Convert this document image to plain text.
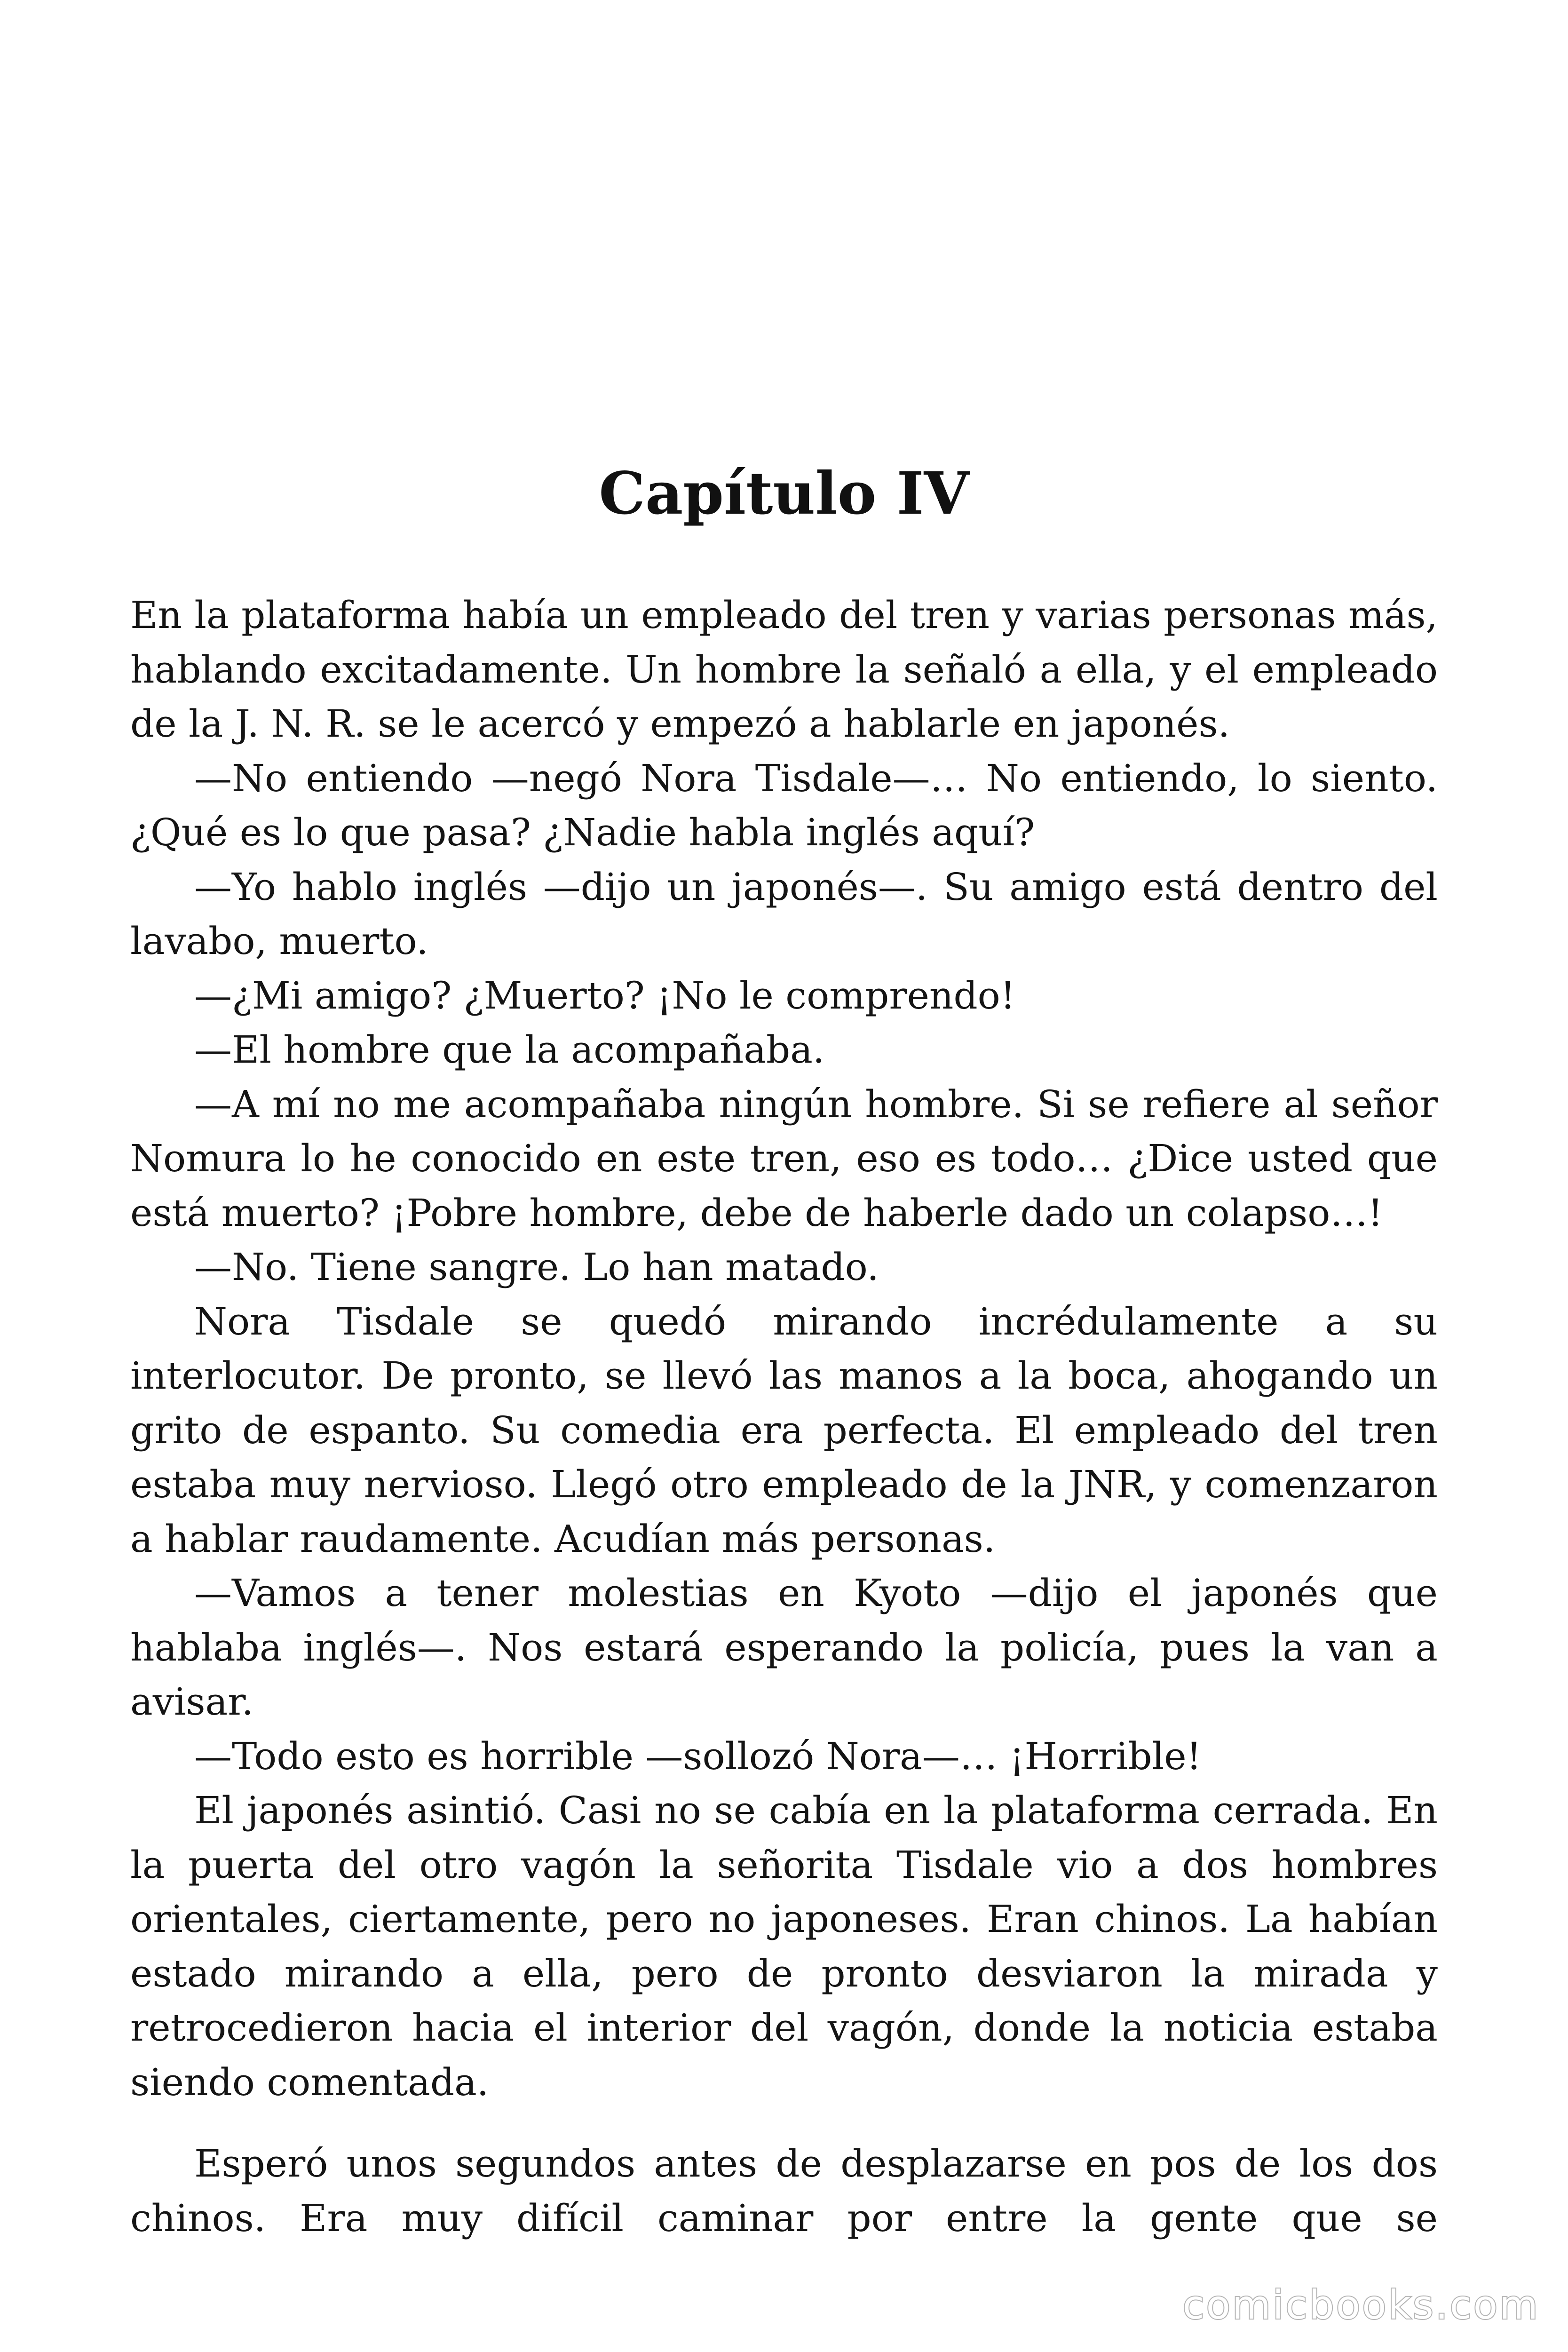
Capítulo IV

En la plataforma había un empleado del tren y varias personas más, hablando excitadamente. Un hombre la señaló a ella, y el empleado de la J. N. R. se le acercó y empezó a hablarle en japonés.

—No entiendo —negó Nora Tisdale—… No entiendo, lo siento. ¿Qué es lo que pasa? ¿Nadie habla inglés aquí?

—Yo hablo inglés —dijo un japonés—. Su amigo está dentro del lavabo, muerto.

—¿Mi amigo? ¿Muerto? ¡No le comprendo!

—El hombre que la acompañaba.

—A mí no me acompañaba ningún hombre. Si se refiere al señor Nomura lo he conocido en este tren, eso es todo… ¿Dice usted que está muerto? ¡Pobre hombre, debe de haberle dado un colapso…!

—No. Tiene sangre. Lo han matado.

Nora Tisdale se quedó mirando incrédulamente a su interlocutor. De pronto, se llevó las manos a la boca, ahogando un grito de espanto. Su comedia era perfecta. El empleado del tren estaba muy nervioso. Llegó otro empleado de la JNR, y comenzaron a hablar raudamente. Acudían más personas.

—Vamos a tener molestias en Kyoto —dijo el japonés que hablaba inglés—. Nos estará esperando la policía, pues la van a avisar.

—Todo esto es horrible —sollozó Nora—… ¡Horrible!

El japonés asintió. Casi no se cabía en la plataforma cerrada. En la puerta del otro vagón la señorita Tisdale vio a dos hombres orientales, ciertamente, pero no japoneses. Eran chinos. La habían estado mirando a ella, pero de pronto desviaron la mirada y retrocedieron hacia el interior del vagón, donde la noticia estaba siendo comentada.

Esperó unos segundos antes de desplazarse en pos de los dos chinos. Era muy difícil caminar por entre la gente que se

comicbooks.com
